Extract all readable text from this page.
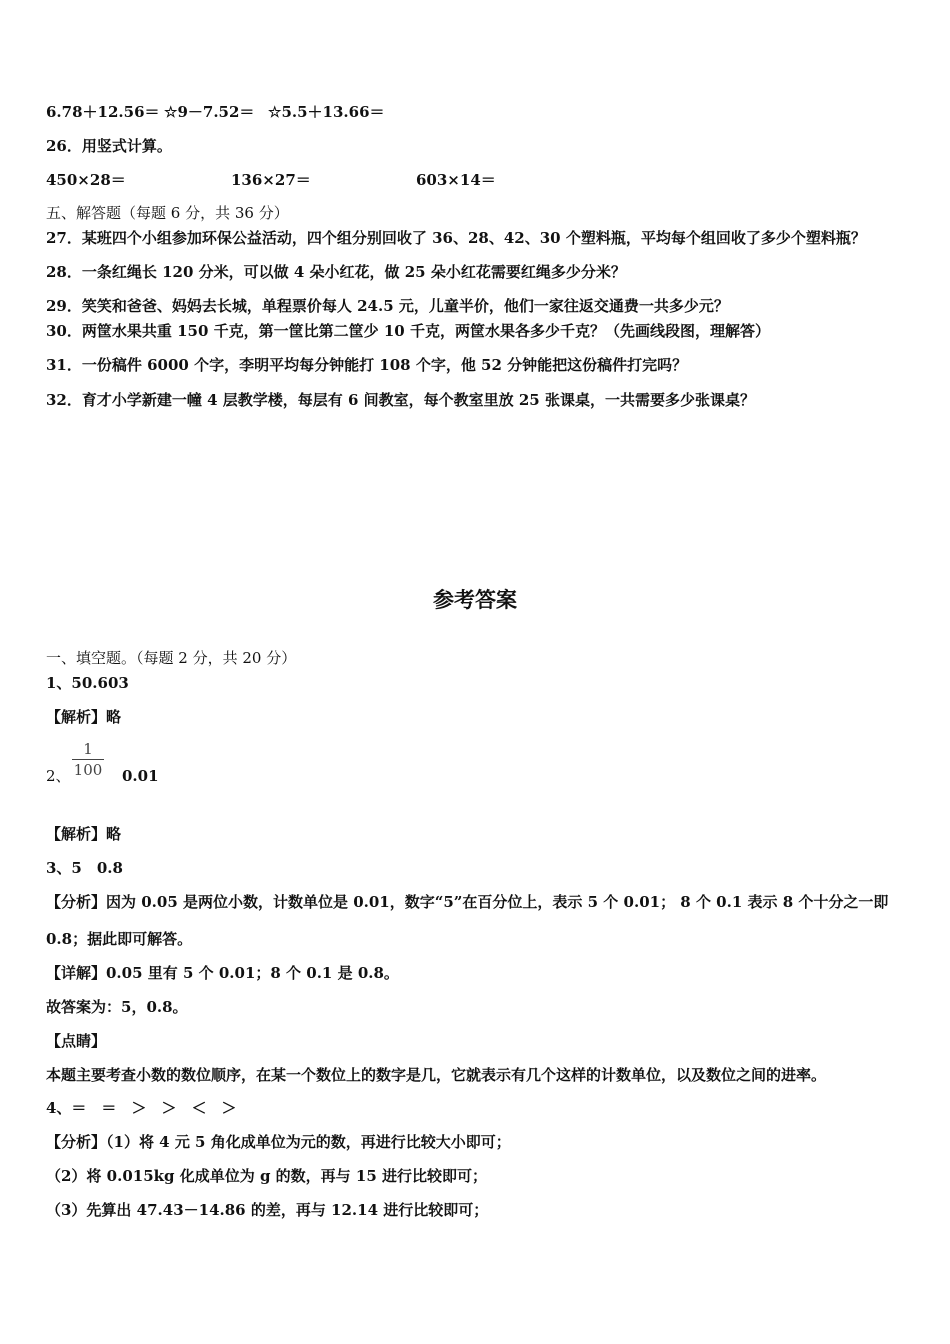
6.78＋12.56＝ ☆9－7.52＝ ☆5.5＋13.66＝
26．用竖式计算。
450×28＝	136×27＝	603×14＝
五、解答题（每题 6 分，共 36 分）
27．某班四个小组参加环保公益活动，四个组分别回收了 36、28、42、30 个塑料瓶，平均每个组回收了多少个塑料瓶？
28．一条红绳长 120 分米，可以做 4 朵小红花，做 25 朵小红花需要红绳多少分米？
29．笑笑和爸爸、妈妈去长城，单程票价每人 24.5 元，儿童半价，他们一家往返交通费一共多少元？
30．两筐水果共重 150 千克，第一筐比第二筐少 10 千克，两筐水果各多少千克？（先画线段图，理解答）
31．一份稿件 6000 个字，李明平均每分钟能打 108 个字，他 52 分钟能把这份稿件打完吗？
32．育才小学新建一幢 4 层教学楼，每层有 6 间教室，每个教室里放 25 张课桌，一共需要多少张课桌？
参考答案
一、填空题。（每题 2 分，共 20 分）
1、50.603
【解析】略
2、
1
100 0.01
【解析】略
3、5　0.8
【分析】因为 0.05 是两位小数，计数单位是 0.01，数字“5”在百分位上，表示 5 个 0.01； 8 个 0.1 表示 8 个十分之一即
0.8；据此即可解答。
【详解】0.05 里有 5 个 0.01；8 个 0.1 是 0.8。
故答案为：5，0.8。
【点睛】
本题主要考查小数的数位顺序，在某一个数位上的数字是几，它就表示有几个这样的计数单位，以及数位之间的进率。
4、＝　＝　＞　＞　＜　＞
【分析】（1）将 4 元 5 角化成单位为元的数，再进行比较大小即可；
（2）将 0.015kg 化成单位为 g 的数，再与 15 进行比较即可；
（3）先算出 47.43－14.86 的差，再与 12.14 进行比较即可；
